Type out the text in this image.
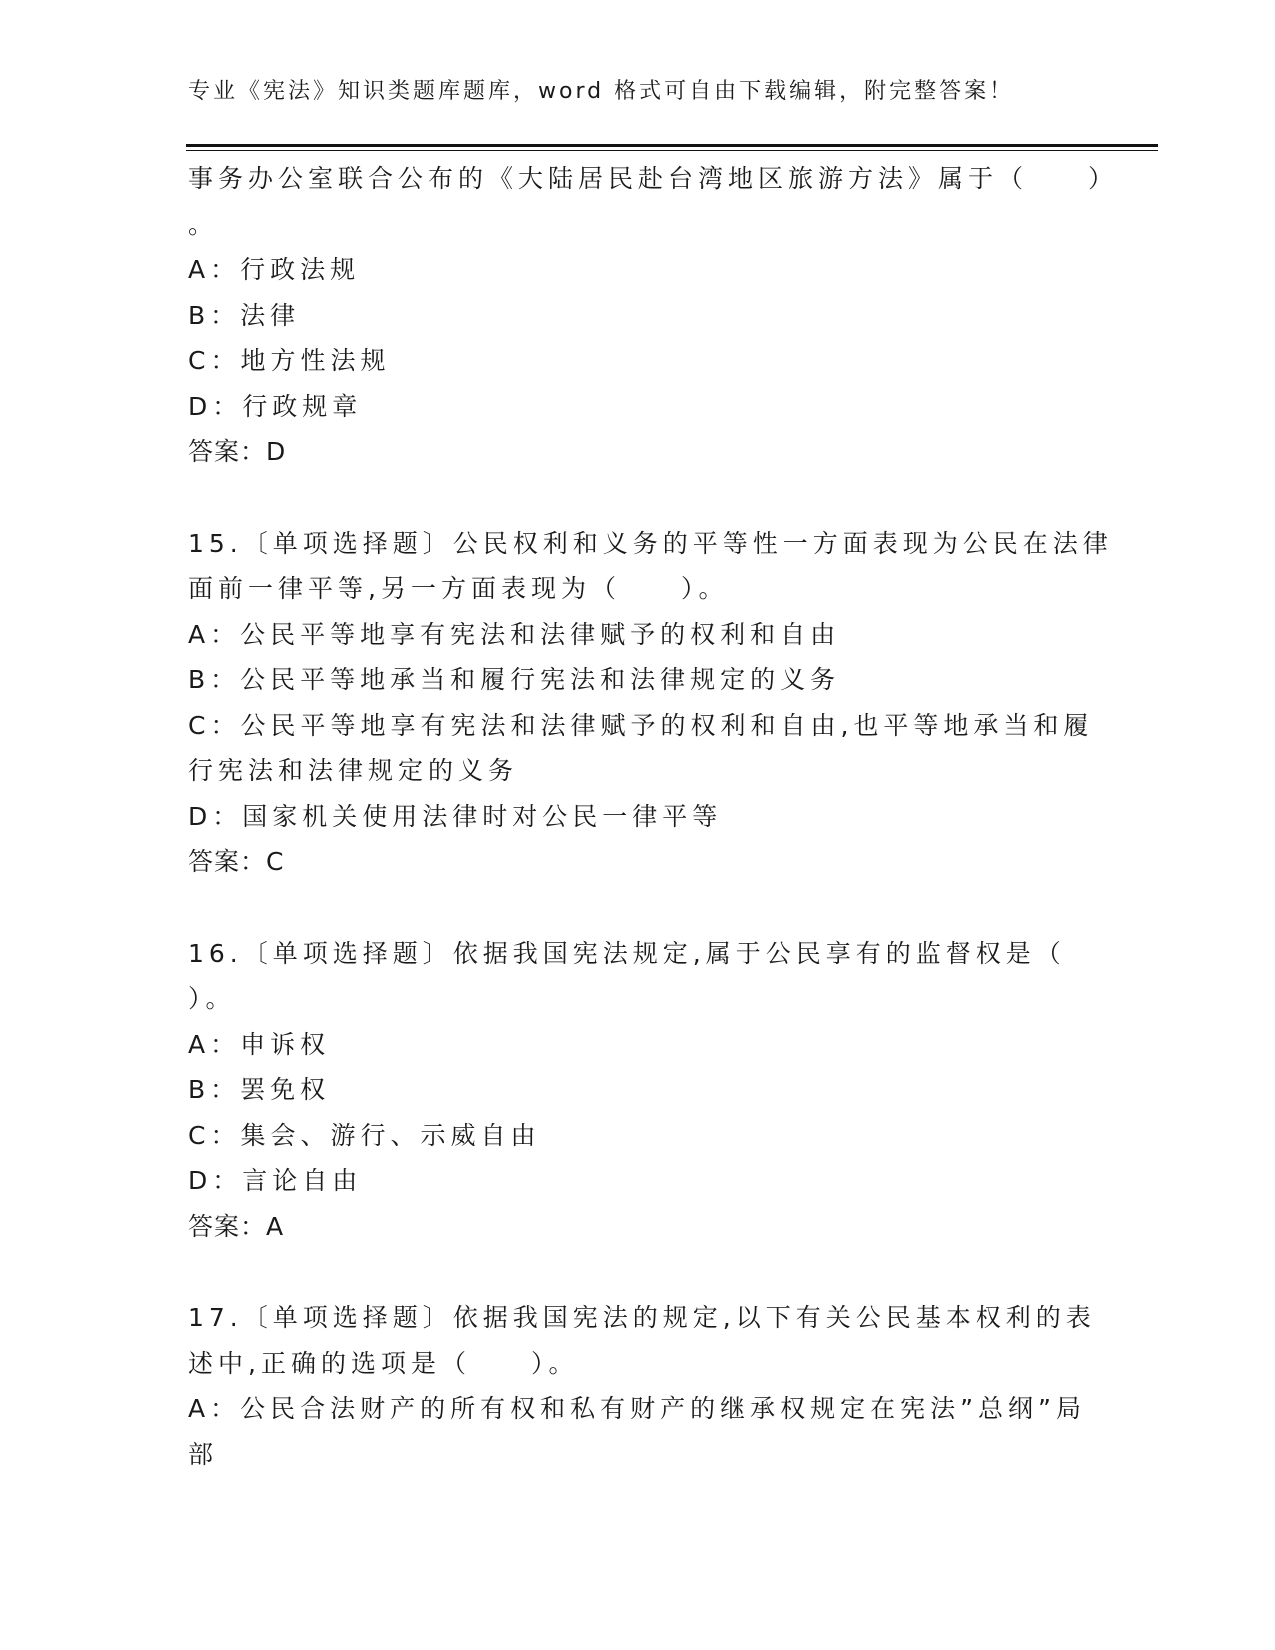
专业《宪法》知识类题库题库，word 格式可自由下载编辑，附完整答案！
事务办公室联合公布的《大陆居民赴台湾地区旅游方法》属于（　　）
。
A：行政法规
B：法律
C：地方性法规
D：行政规章
答案：D
15.〔单项选择题〕公民权利和义务的平等性一方面表现为公民在法律
面前一律平等,另一方面表现为（　　）。
A：公民平等地享有宪法和法律赋予的权利和自由
B：公民平等地承当和履行宪法和法律规定的义务
C：公民平等地享有宪法和法律赋予的权利和自由,也平等地承当和履
行宪法和法律规定的义务
D：国家机关使用法律时对公民一律平等
答案：C
16.〔单项选择题〕依据我国宪法规定,属于公民享有的监督权是（
）。
A：申诉权
B：罢免权
C：集会、游行、示威自由
D：言论自由
答案：A
17.〔单项选择题〕依据我国宪法的规定,以下有关公民基本权利的表
述中,正确的选项是（　　）。
A：公民合法财产的所有权和私有财产的继承权规定在宪法”总纲”局
部
